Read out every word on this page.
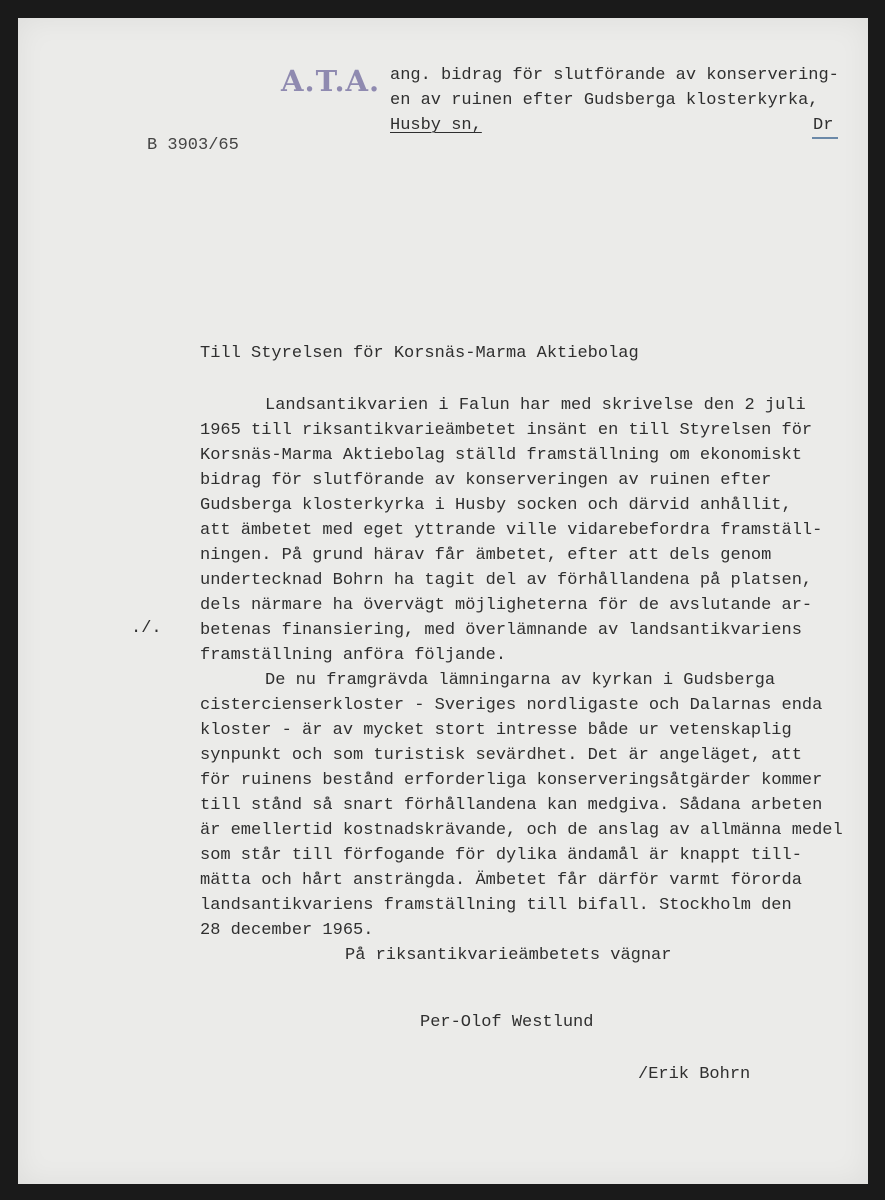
A.T.A. ang. bidrag för slutförande av konservering-
en av ruinen efter Gudsberga klosterkyrka,
Husby sn,	Dr
B 3903/65
Till Styrelsen för Korsnäs-Marma Aktiebolag
Landsantikvarien i Falun har med skrivelse den 2 juli
1965 till riksantikvarieämbetet insänt en till Styrelsen för
Korsnäs-Marma Aktiebolag ställd framställning om ekonomiskt
bidrag för slutförande av konserveringen av ruinen efter
Gudsberga klosterkyrka i Husby socken och därvid anhållit,
att ämbetet med eget yttrande ville vidarebefordra framställ-
ningen. På grund härav får ämbetet, efter att dels genom
undertecknad Bohrn ha tagit del av förhållandena på platsen,
dels närmare ha övervägt möjligheterna för de avslutande ar-
betenas finansiering, med överlämnande av landsantikvariens
framställning anföra följande.
./.
De nu framgrävda lämningarna av kyrkan i Gudsberga
cistercienserkloster - Sveriges nordligaste och Dalarnas enda
kloster - är av mycket stort intresse både ur vetenskaplig
synpunkt och som turistisk sevärdhet. Det är angeläget, att
för ruinens bestånd erforderliga konserveringsåtgärder kommer
till stånd så snart förhållandena kan medgiva. Sådana arbeten
är emellertid kostnadskrävande, och de anslag av allmänna medel
som står till förfogande för dylika ändamål är knappt till-
mätta och hårt ansträngda. Ämbetet får därför varmt förorda
landsantikvariens framställning till bifall. Stockholm den
28 december 1965.
På riksantikvarieämbetets vägnar
Per-Olof Westlund
/Erik Bohrn
